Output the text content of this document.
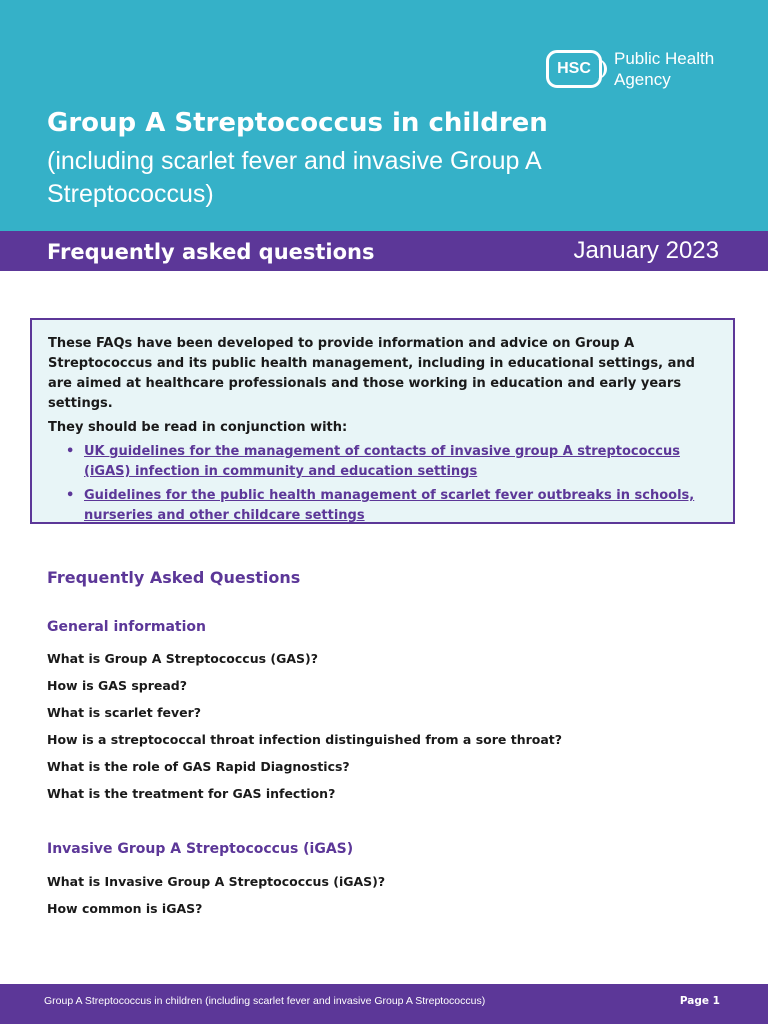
HSC
Public Health
Agency
Group A Streptococcus in children
(including scarlet fever and invasive Group A Streptococcus)
Frequently asked questions	January 2023

These FAQs have been developed to provide information and advice on Group A Streptococcus and its public health management, including in educational settings, and are aimed at healthcare professionals and those working in education and early years settings.

They should be read in conjunction with:

• UK guidelines for the management of contacts of invasive group A streptococcus (iGAS) infection in community and education settings
• Guidelines for the public health management of scarlet fever outbreaks in schools, nurseries and other childcare settings
Frequently Asked Questions
General information
What is Group A Streptococcus (GAS)?
How is GAS spread?
What is scarlet fever?
How is a streptococcal throat infection distinguished from a sore throat?
What is the role of GAS Rapid Diagnostics?
What is the treatment for GAS infection?
Invasive Group A Streptococcus (iGAS)
What is Invasive Group A Streptococcus (iGAS)?
How common is iGAS?
Group A Streptococcus in children (including scarlet fever and invasive Group A Streptococcus)	Page 1
